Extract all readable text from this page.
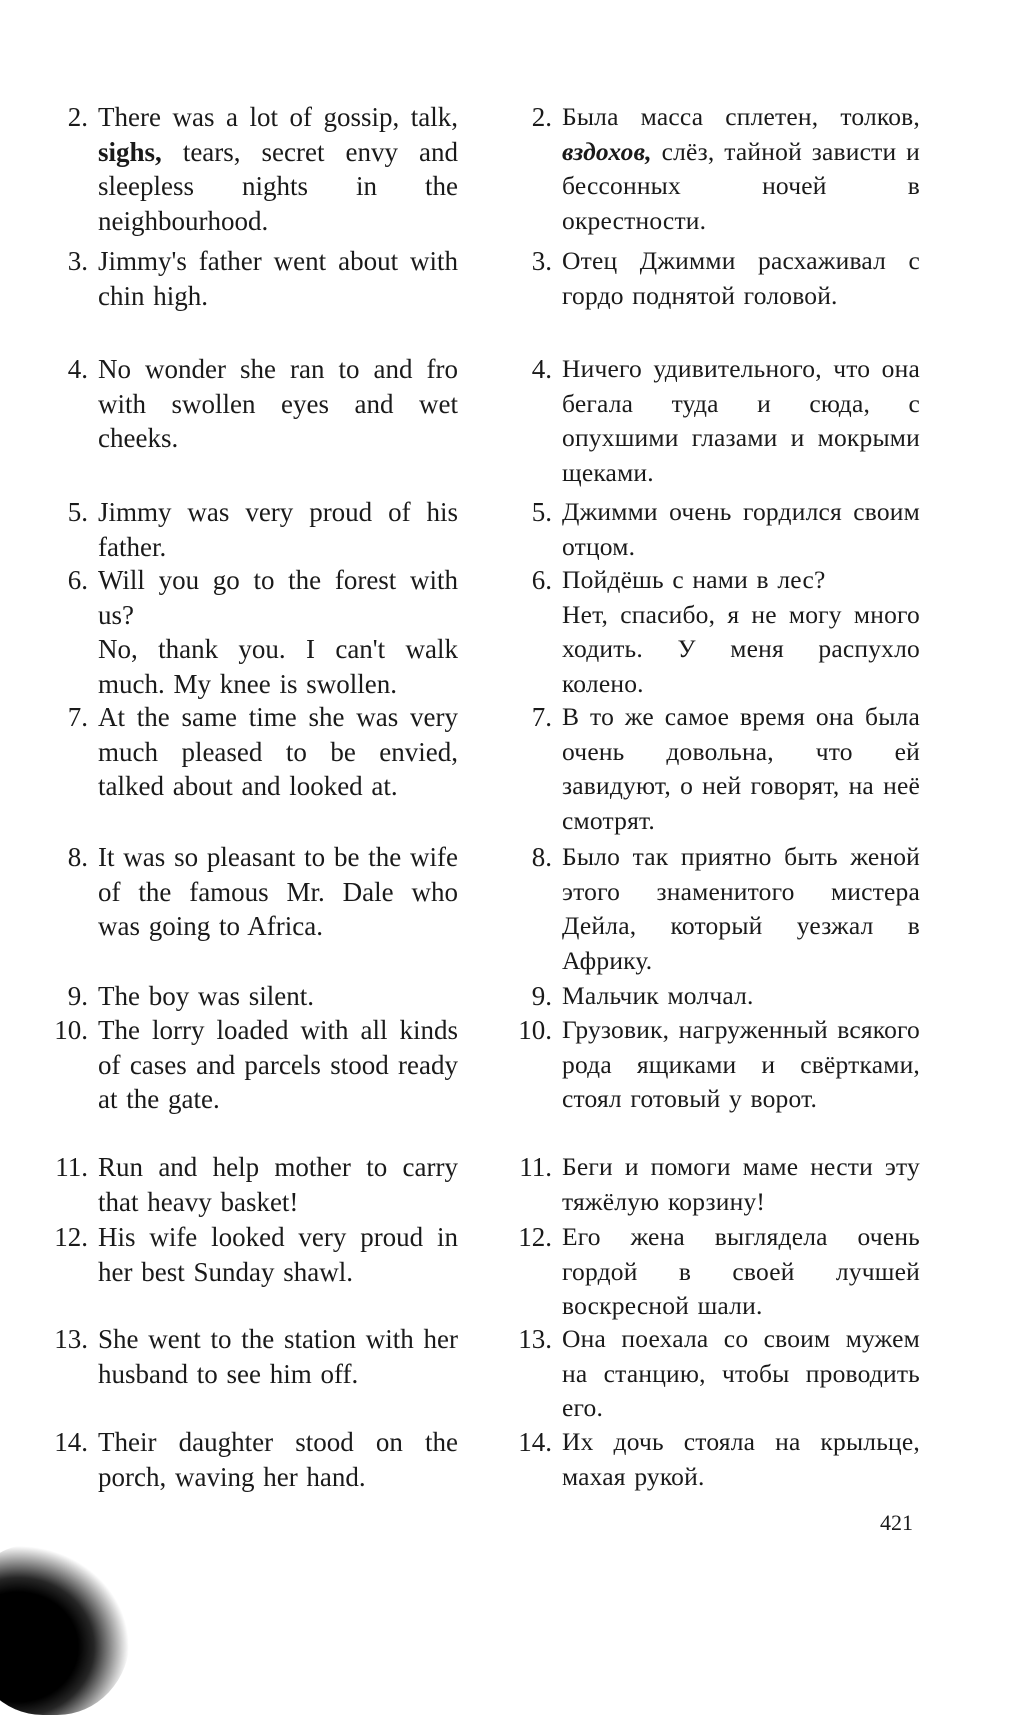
2. There was a lot of gossip, talk, sighs, tears, secret envy and sleepless nights in the neighbourhood.
3. Jimmy's father went about with chin high.
4. No wonder she ran to and fro with swollen eyes and wet cheeks.
5. Jimmy was very proud of his father.
6. Will you go to the forest with us?
No, thank you. I can't walk much. My knee is swollen.
7. At the same time she was very much pleased to be envied, talked about and looked at.
8. It was so pleasant to be the wife of the famous Mr. Dale who was going to Africa.
9. The boy was silent.
10. The lorry loaded with all kinds of cases and parcels stood ready at the gate.
11. Run and help mother to carry that heavy basket!
12. His wife looked very proud in her best Sunday shawl.
13. She went to the station with her husband to see him off.
14. Their daughter stood on the porch, waving her hand.
2. Была масса сплетен, толков, вздохов, слёз, тайной зависти и бессонных ночей в окрестности.
3. Отец Джимми расхаживал с гордо поднятой головой.
4. Ничего удивительного, что она бегала туда и сюда, с опухшими глазами и мокрыми щеками.
5. Джимми очень гордился своим отцом.
6. Пойдёшь с нами в лес?
Нет, спасибо, я не могу много ходить. У меня распухло колено.
7. В то же самое время она была очень довольна, что ей завидуют, о ней говорят, на неё смотрят.
8. Было так приятно быть женой этого знаменитого мистера Дейла, который уезжал в Африку.
9. Мальчик молчал.
10. Грузовик, нагруженный всякого рода ящиками и свёртками, стоял готовый у ворот.
11. Беги и помоги маме нести эту тяжёлую корзину!
12. Его жена выглядела очень гордой в своей лучшей воскресной шали.
13. Она поехала со своим мужем на станцию, чтобы проводить его.
14. Их дочь стояла на крыльце, махая рукой.
421
